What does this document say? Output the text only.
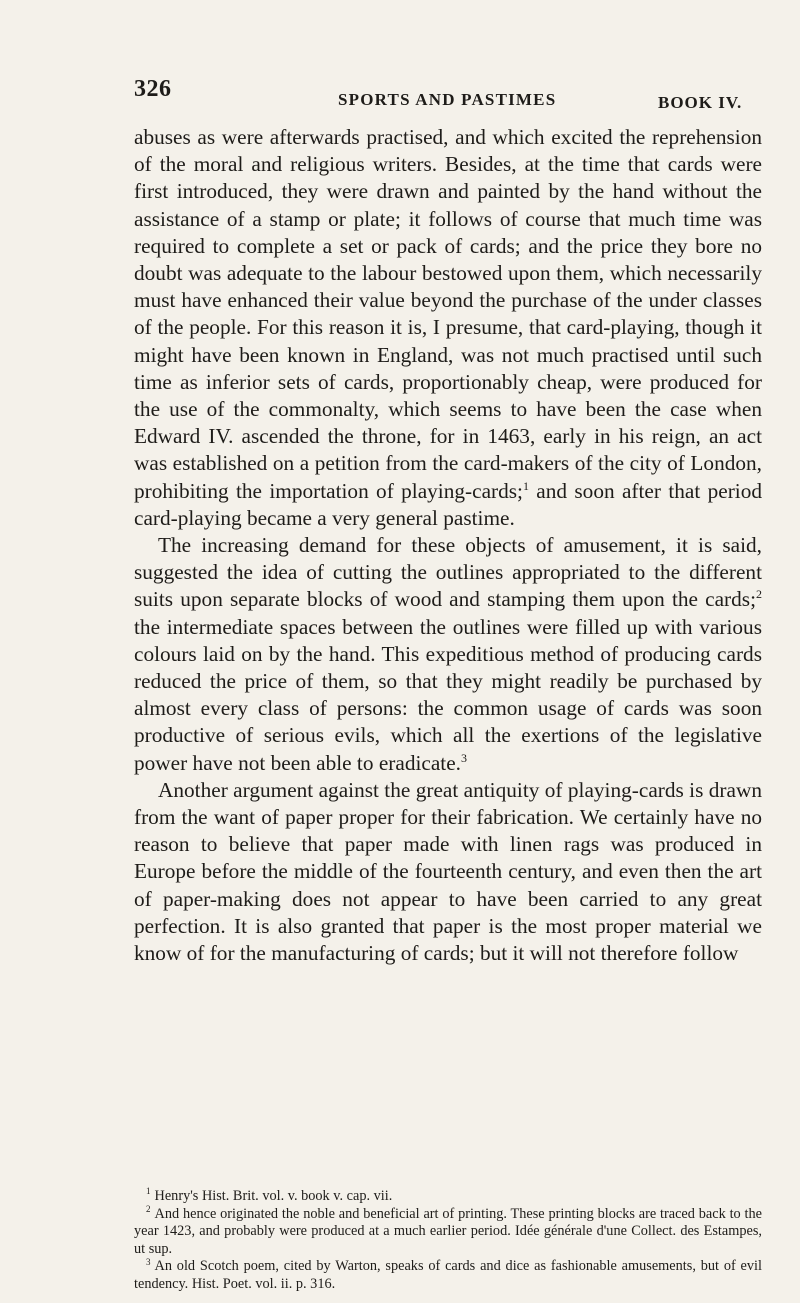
326	SPORTS AND PASTIMES	BOOK IV.

abuses as were afterwards practised, and which excited the reprehension of the moral and religious writers. Besides, at the time that cards were first introduced, they were drawn and painted by the hand without the assistance of a stamp or plate; it follows of course that much time was required to complete a set or pack of cards; and the price they bore no doubt was adequate to the labour bestowed upon them, which necessarily must have enhanced their value beyond the purchase of the under classes of the people. For this reason it is, I presume, that card-playing, though it might have been known in England, was not much practised until such time as inferior sets of cards, proportionably cheap, were produced for the use of the commonalty, which seems to have been the case when Edward IV. ascended the throne, for in 1463, early in his reign, an act was established on a petition from the card-makers of the city of London, prohibiting the importation of playing-cards;$^1$ and soon after that period card-playing became a very general pastime.

The increasing demand for these objects of amusement, it is said, suggested the idea of cutting the outlines appropriated to the different suits upon separate blocks of wood and stamping them upon the cards;$^2$ the intermediate spaces between the outlines were filled up with various colours laid on by the hand. This expeditious method of producing cards reduced the price of them, so that they might readily be purchased by almost every class of persons: the common usage of cards was soon productive of serious evils, which all the exertions of the legislative power have not been able to eradicate.$^3$

Another argument against the great antiquity of playing-cards is drawn from the want of paper proper for their fabrication. We certainly have no reason to believe that paper made with linen rags was produced in Europe before the middle of the fourteenth century, and even then the art of paper-making does not appear to have been carried to any great perfection. It is also granted that paper is the most proper material we know of for the manufacturing of cards; but it will not therefore follow

$^1$ Henry's Hist. Brit. vol. v. book v. cap. vii.

$^2$ And hence originated the noble and beneficial art of printing. These printing blocks are traced back to the year 1423, and probably were produced at a much earlier period. Idée générale d'une Collect. des Estampes, ut sup.

$^3$ An old Scotch poem, cited by Warton, speaks of cards and dice as fashionable amusements, but of evil tendency. Hist. Poet. vol. ii. p. 316.
